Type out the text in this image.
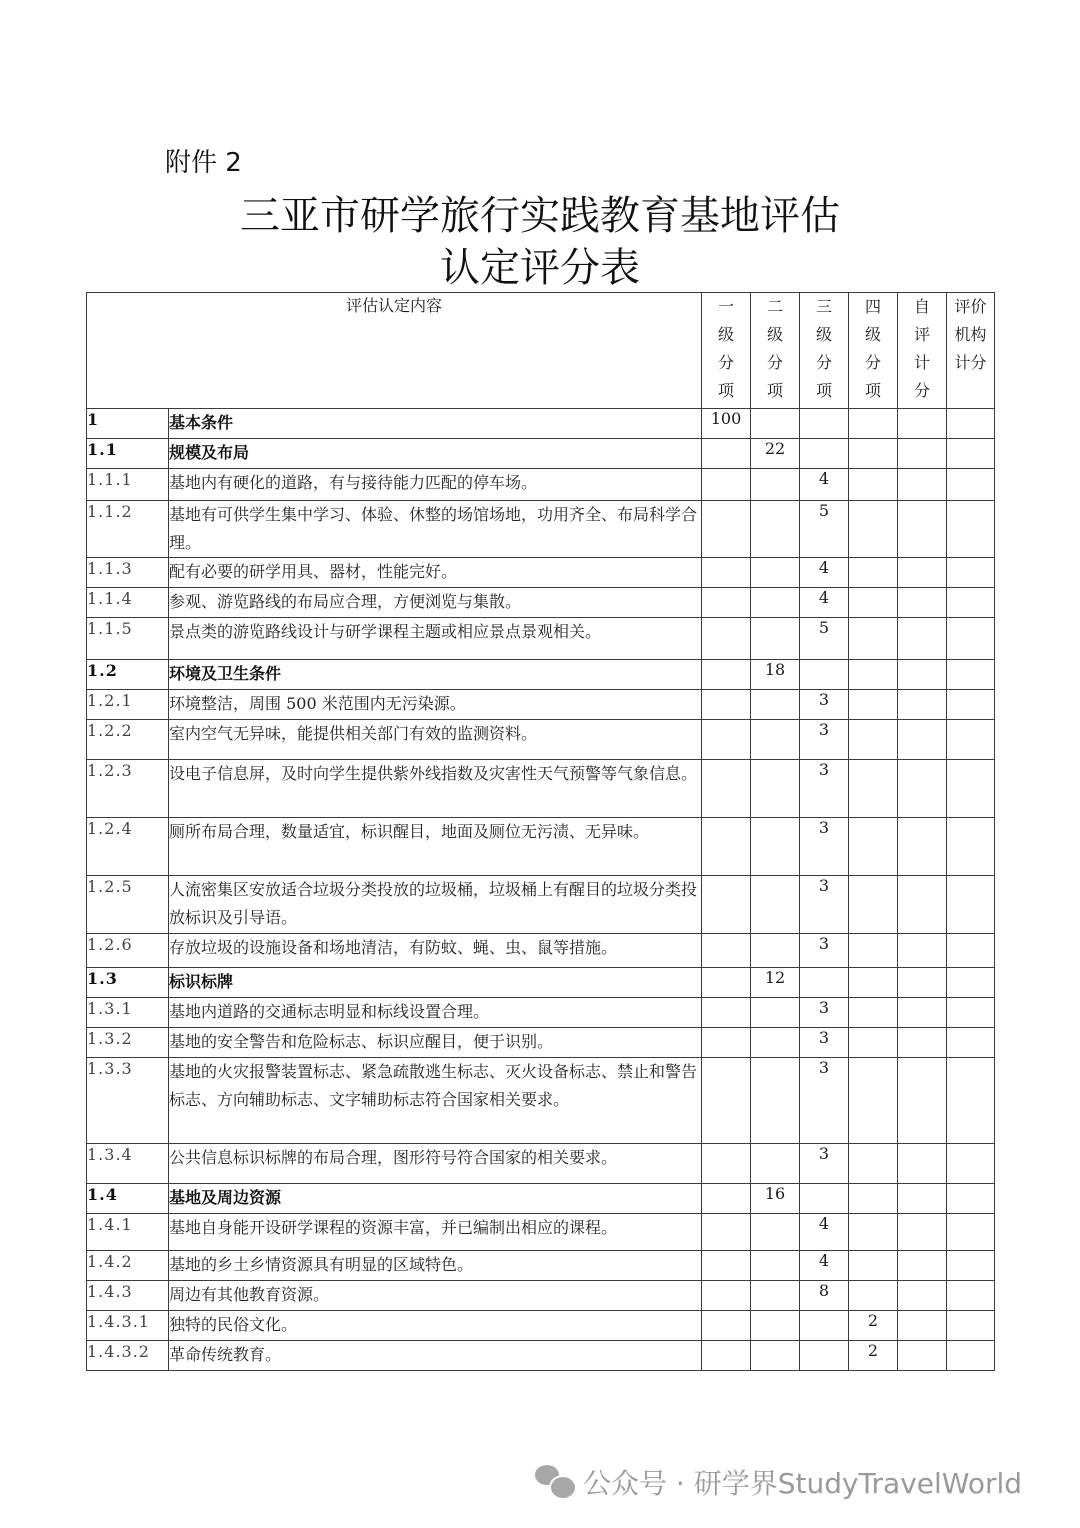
附件 2
三亚市研学旅行实践教育基地评估
认定评分表
评估认定内容		一
级
分
项	二
级
分
项	三
级
分
项	四
级
分
项	自
评
计
分	评价
机构
计分

1	基本条件	100					
1.1	规模及布局		22				
1.1.1	基地内有硬化的道路，有与接待能力匹配的停车场。			4			
1.1.2	基地有可供学生集中学习、体验、休整的场馆场地，功用齐全、布局科学合理。			5			
1.1.3	配有必要的研学用具、器材，性能完好。			4			
1.1.4	参观、游览路线的布局应合理，方便浏览与集散。			4			
1.1.5	景点类的游览路线设计与研学课程主题或相应景点景观相关。			5			
1.2	环境及卫生条件		18				
1.2.1	环境整洁，周围 500 米范围内无污染源。			3			
1.2.2	室内空气无异味，能提供相关部门有效的监测资料。			3			
1.2.3	设电子信息屏，及时向学生提供紫外线指数及灾害性天气预警等气象信息。			3			
1.2.4	厕所布局合理，数量适宜，标识醒目，地面及厕位无污渍、无异味。			3			
1.2.5	人流密集区安放适合垃圾分类投放的垃圾桶，垃圾桶上有醒目的垃圾分类投放标识及引导语。			3			
1.2.6	存放垃圾的设施设备和场地清洁，有防蚊、蝇、虫、鼠等措施。			3			
1.3	标识标牌		12				
1.3.1	基地内道路的交通标志明显和标线设置合理。			3			
1.3.2	基地的安全警告和危险标志、标识应醒目，便于识别。			3			
1.3.3	基地的火灾报警装置标志、紧急疏散逃生标志、灭火设备标志、禁止和警告标志、方向辅助标志、文字辅助标志符合国家相关要求。			3			
1.3.4	公共信息标识标牌的布局合理，图形符号符合国家的相关要求。			3			
1.4	基地及周边资源		16				
1.4.1	基地自身能开设研学课程的资源丰富，并已编制出相应的课程。			4			
1.4.2	基地的乡土乡情资源具有明显的区域特色。			4			
1.4.3	周边有其他教育资源。			8			
1.4.3.1	独特的民俗文化。				2		
1.4.3.2	革命传统教育。				2		
公众号 · 研学界StudyTravelWorld
